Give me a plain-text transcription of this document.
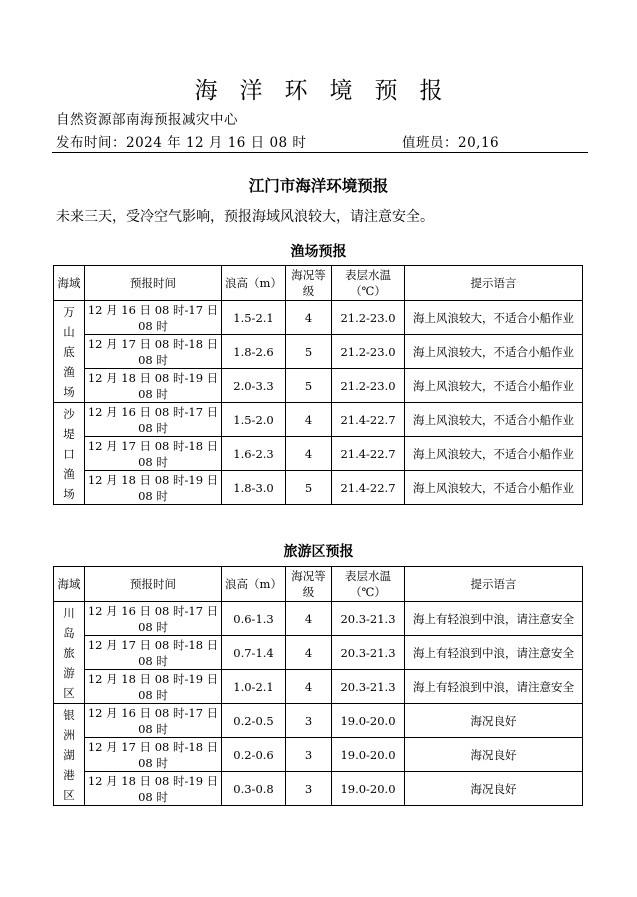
海洋环境预报
自然资源部南海预报减灾中心
发布时间：2024 年 12 月 16 日 08 时	值班员：20,16
江门市海洋环境预报
未来三天，受冷空气影响，预报海域风浪较大，请注意安全。
渔场预报
海域	预报时间	浪高（m）	海况等级	表层水温（℃）	提示语言
万山底渔场	12 月 16 日 08 时-17 日 08 时	1.5-2.1	4	21.2-23.0	海上风浪较大，不适合小船作业
	12 月 17 日 08 时-18 日 08 时	1.8-2.6	5	21.2-23.0	海上风浪较大，不适合小船作业
	12 月 18 日 08 时-19 日 08 时	2.0-3.3	5	21.2-23.0	海上风浪较大，不适合小船作业
沙堤口渔场	12 月 16 日 08 时-17 日 08 时	1.5-2.0	4	21.4-22.7	海上风浪较大，不适合小船作业
	12 月 17 日 08 时-18 日 08 时	1.6-2.3	4	21.4-22.7	海上风浪较大，不适合小船作业
	12 月 18 日 08 时-19 日 08 时	1.8-3.0	5	21.4-22.7	海上风浪较大，不适合小船作业
旅游区预报
海域	预报时间	浪高（m）	海况等级	表层水温（℃）	提示语言
川岛旅游区	12 月 16 日 08 时-17 日 08 时	0.6-1.3	4	20.3-21.3	海上有轻浪到中浪，请注意安全
	12 月 17 日 08 时-18 日 08 时	0.7-1.4	4	20.3-21.3	海上有轻浪到中浪，请注意安全
	12 月 18 日 08 时-19 日 08 时	1.0-2.1	4	20.3-21.3	海上有轻浪到中浪，请注意安全
银洲湖港区	12 月 16 日 08 时-17 日 08 时	0.2-0.5	3	19.0-20.0	海况良好
	12 月 17 日 08 时-18 日 08 时	0.2-0.6	3	19.0-20.0	海况良好
	12 月 18 日 08 时-19 日 08 时	0.3-0.8	3	19.0-20.0	海况良好
